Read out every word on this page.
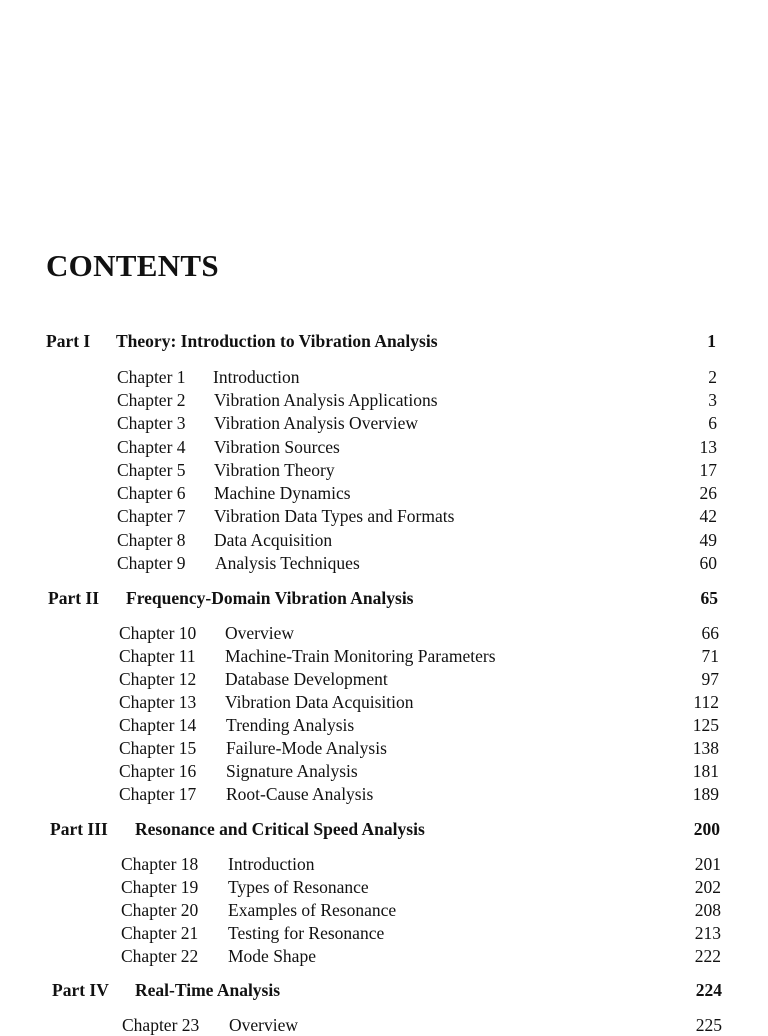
CONTENTS
Part I Theory: Introduction to Vibration Analysis	1
Chapter 1 Introduction	2
Chapter 2 Vibration Analysis Applications	3
Chapter 3 Vibration Analysis Overview	6
Chapter 4 Vibration Sources	13
Chapter 5 Vibration Theory	17
Chapter 6 Machine Dynamics	26
Chapter 7 Vibration Data Types and Formats	42
Chapter 8 Data Acquisition	49
Chapter 9 Analysis Techniques	60
Part II Frequency-Domain Vibration Analysis	65
Chapter 10 Overview	66
Chapter 11 Machine-Train Monitoring Parameters	71
Chapter 12 Database Development	97
Chapter 13 Vibration Data Acquisition	112
Chapter 14 Trending Analysis	125
Chapter 15 Failure-Mode Analysis	138
Chapter 16 Signature Analysis	181
Chapter 17 Root-Cause Analysis	189
Part III Resonance and Critical Speed Analysis	200
Chapter 18 Introduction	201
Chapter 19 Types of Resonance	202
Chapter 20 Examples of Resonance	208
Chapter 21 Testing for Resonance	213
Chapter 22 Mode Shape	222
Part IV Real-Time Analysis	224
Chapter 23 Overview	225
